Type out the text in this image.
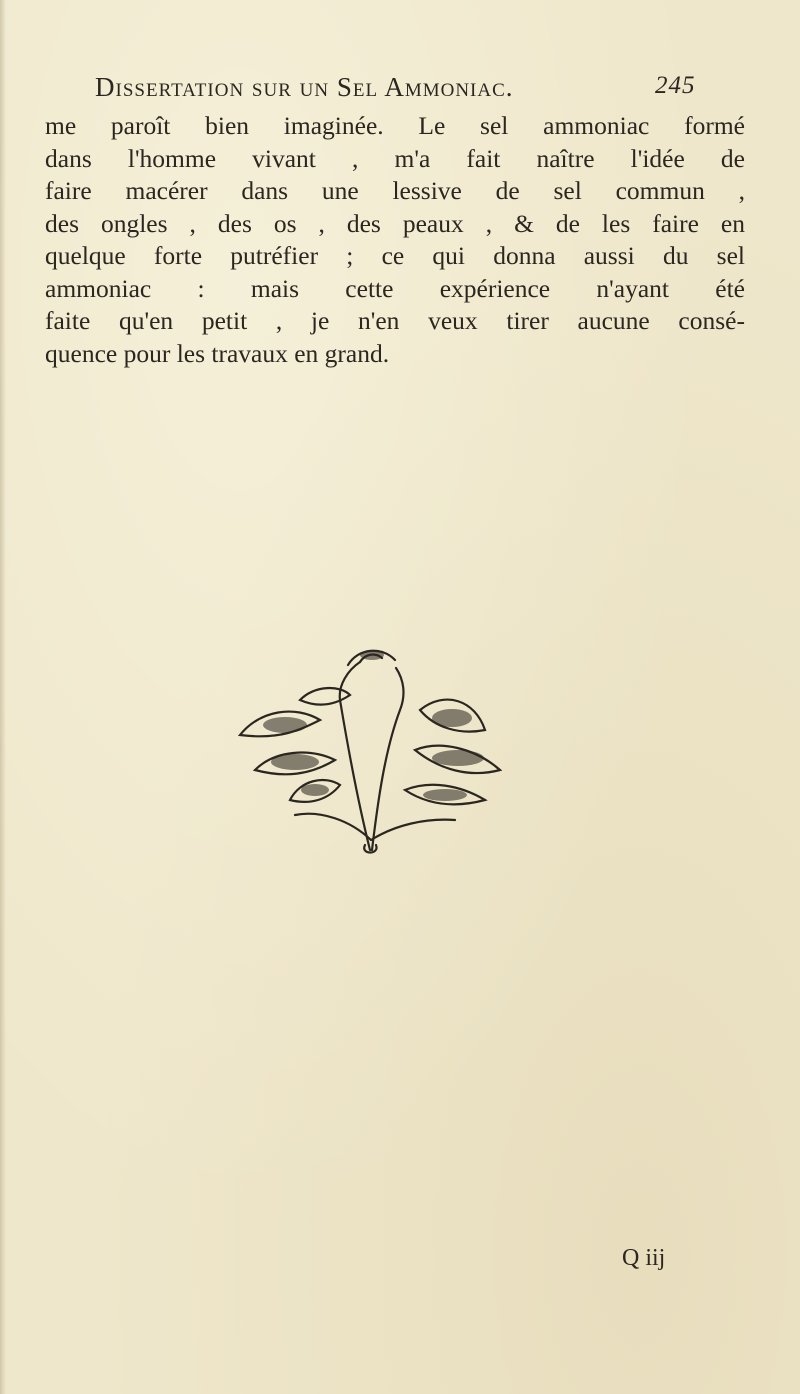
Dissertation sur un Sel Ammoniac.	245
me paroît bien imaginée. Le sel ammoniac formé
dans l'homme vivant , m'a fait naître l'idée de
faire macérer dans une lessive de sel commun ,
des ongles , des os , des peaux , & de les faire en
quelque forte putréfier ; ce qui donna aussi du sel
ammoniac : mais cette expérience n'ayant été
faite qu'en petit , je n'en veux tirer aucune consé-
quence pour les travaux en grand.
Q iij
